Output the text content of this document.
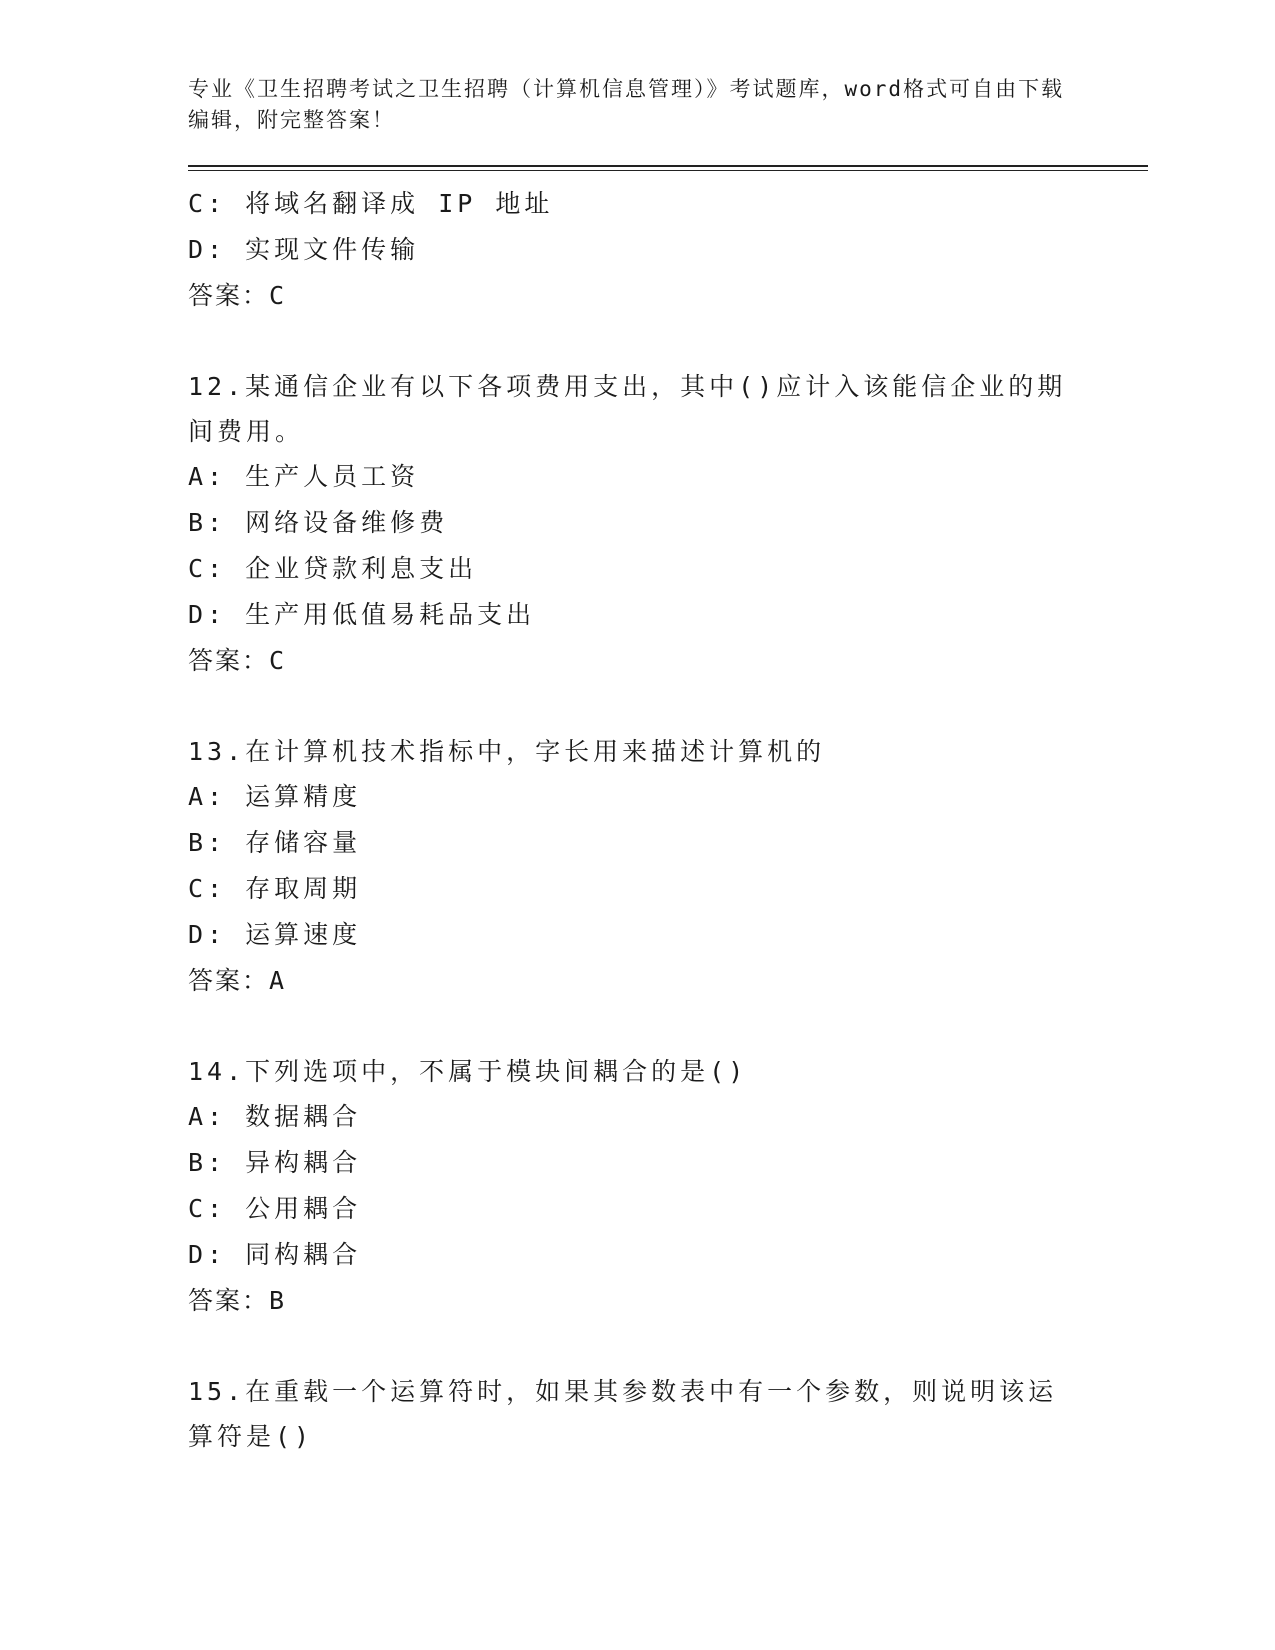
专业《卫生招聘考试之卫生招聘（计算机信息管理）》考试题库，word格式可自由下载编辑，附完整答案！

C: 将域名翻译成 IP 地址
D: 实现文件传输
答案：C
12.某通信企业有以下各项费用支出，其中()应计入该能信企业的期间费用。
A: 生产人员工资
B: 网络设备维修费
C: 企业贷款利息支出
D: 生产用低值易耗品支出
答案：C
13.在计算机技术指标中，字长用来描述计算机的
A: 运算精度
B: 存储容量
C: 存取周期
D: 运算速度
答案：A
14.下列选项中，不属于模块间耦合的是()
A: 数据耦合
B: 异构耦合
C: 公用耦合
D: 同构耦合
答案：B
15.在重载一个运算符时，如果其参数表中有一个参数，则说明该运算符是()
